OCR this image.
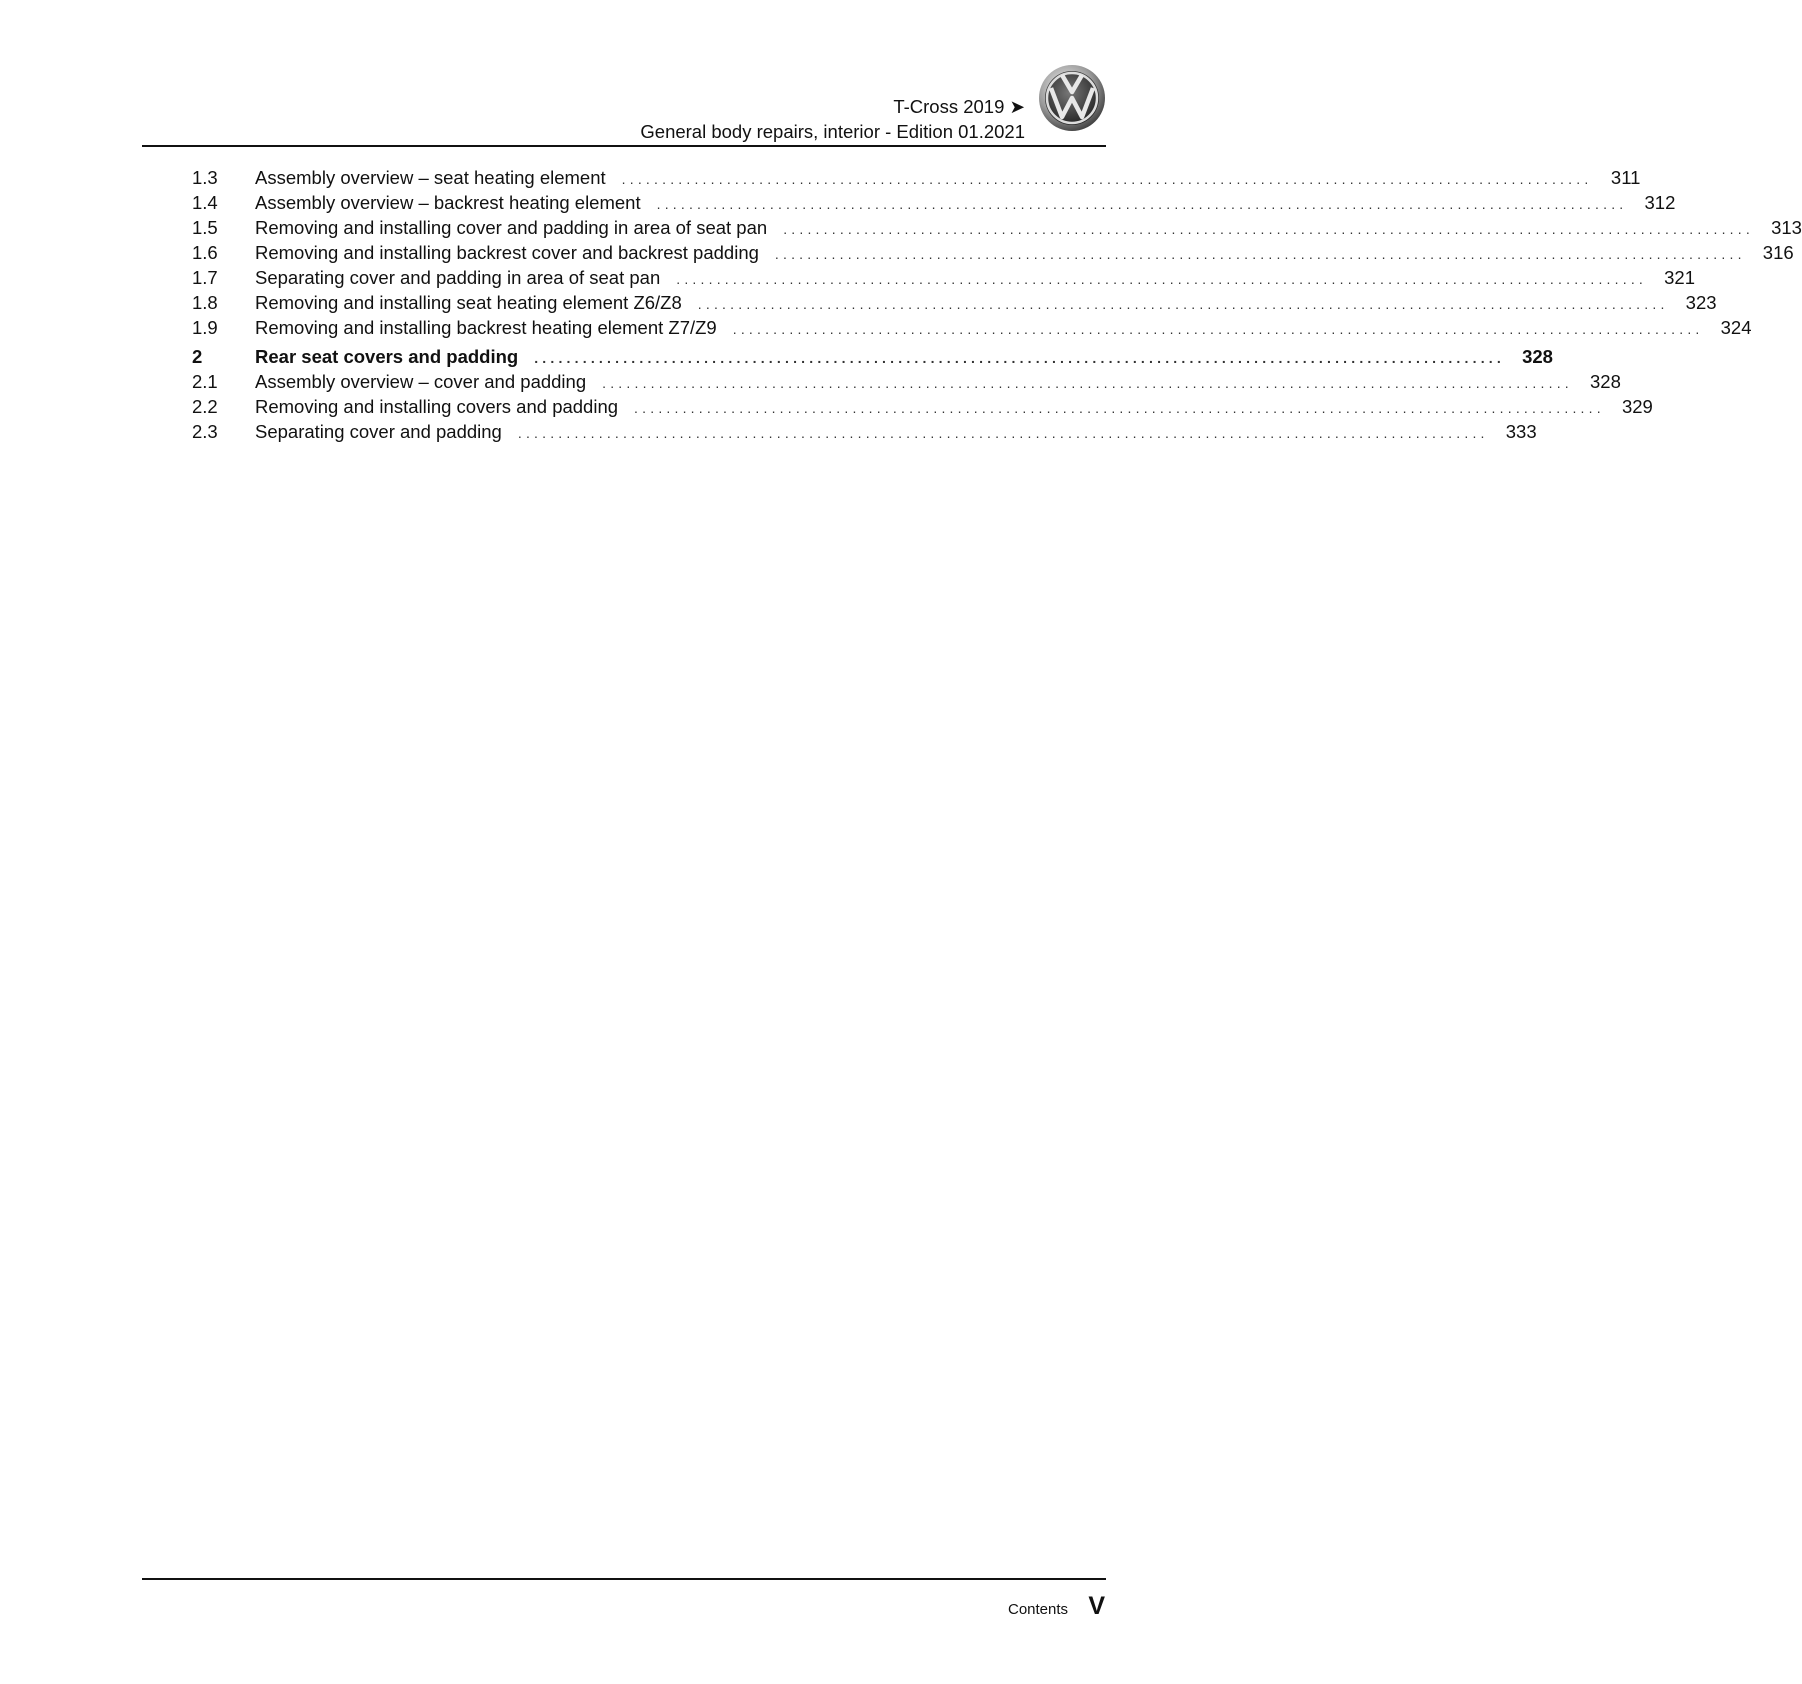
T-Cross 2019 ➤
General body repairs, interior - Edition 01.2021
1.3	Assembly overview – seat heating element ........................................................................................................................ 311
1.4	Assembly overview – backrest heating element ........................................................................................................................ 312
1.5	Removing and installing cover and padding in area of seat pan ........................................................................................................................ 313
1.6	Removing and installing backrest cover and backrest padding ........................................................................................................................ 316
1.7	Separating cover and padding in area of seat pan ........................................................................................................................ 321
1.8	Removing and installing seat heating element Z6/Z8 ........................................................................................................................ 323
1.9	Removing and installing backrest heating element Z7/Z9 ........................................................................................................................ 324
2	Rear seat covers and padding ........................................................................................................................ 328
2.1	Assembly overview – cover and padding ........................................................................................................................ 328
2.2	Removing and installing covers and padding ........................................................................................................................ 329
2.3	Separating cover and padding ........................................................................................................................ 333
Contents V
